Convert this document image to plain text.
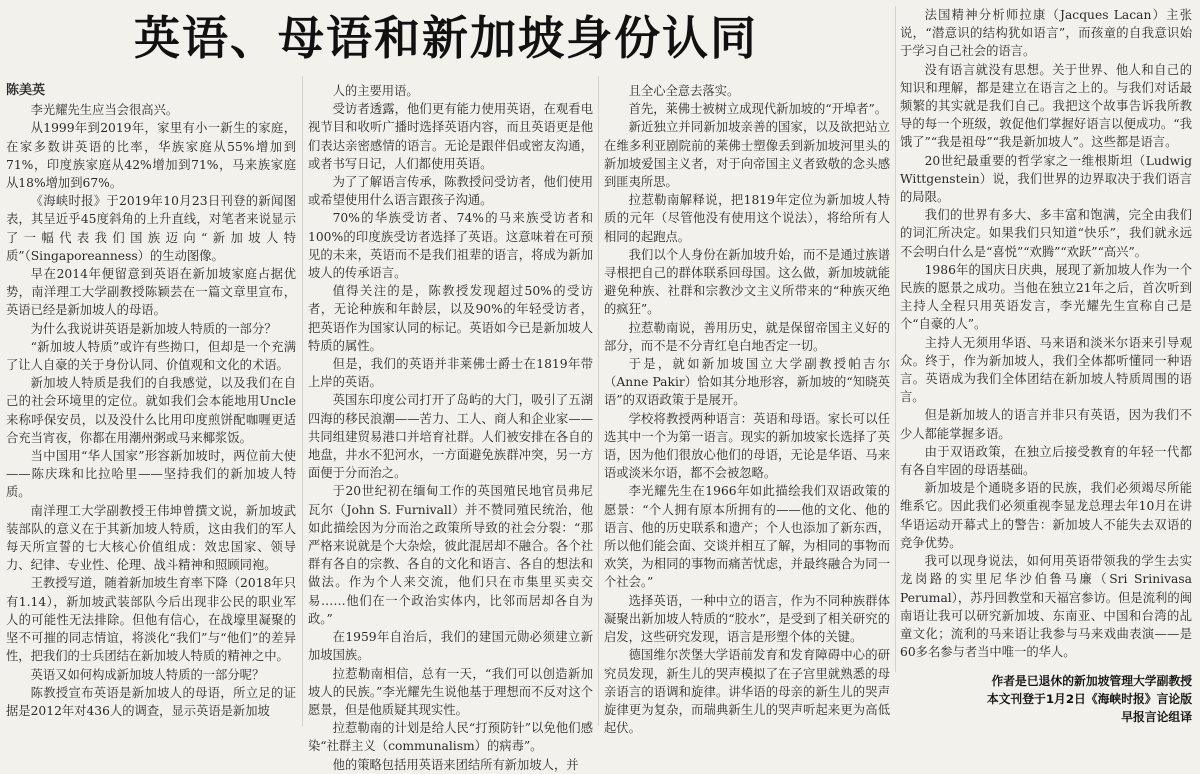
英语、母语和新加坡身份认同
陈美英

李光耀先生应当会很高兴。

从1999年到2019年，家里有小一新生的家庭，在家多数讲英语的比率，华族家庭从55%增加到71%，印度族家庭从42%增加到71%，马来族家庭从18%增加到67%。

《海峡时报》于2019年10月23日刊登的新闻图表，其呈近乎45度斜角的上升直线，对笔者来说显示了一幅代表我们国族迈向“新加坡人特质”（Singaporeanness）的生动图像。

早在2014年便留意到英语在新加坡家庭占据优势，南洋理工大学副教授陈颖芸在一篇文章里宣布，英语已经是新加坡人的母语。

为什么我说讲英语是新加坡人特质的一部分？

“新加坡人特质”或许有些拗口，但却是一个充满了让人自豪的关于身份认同、价值观和文化的术语。

新加坡人特质是我们的自我感觉，以及我们在自己的社会环境里的定位。就如我们会本能地用Uncle来称呼保安员，以及没什么比用印度煎饼配咖喱更适合充当宵夜，你都在用潮州粥或马来椰浆饭。

当中国用“华人国家”形容新加坡时，两位前大使——陈庆珠和比拉哈里——坚持我们的新加坡人特质。

南洋理工大学副教授王伟坤曾撰文说，新加坡武装部队的意义在于其新加坡人特质，这由我们的军人每天所宣誓的七大核心价值组成：效忠国家、领导力、纪律、专业性、伦理、战斗精神和照顾同袍。

王教授写道，随着新加坡生育率下降（2018年只有1.14），新加坡武装部队今后出现非公民的职业军人的可能性无法排除。但他有信心，在战壕里凝聚的坚不可摧的同志情谊，将淡化“我们”与“他们”的差异性，把我们的士兵团结在新加坡人特质的精神之中。

英语又如何构成新加坡人特质的一部分呢？

陈教授宣布英语是新加坡人的母语，所立足的证据是2012年对436人的调查，显示英语是新加坡

人的主要用语。

受访者透露，他们更有能力使用英语，在观看电视节目和收听广播时选择英语内容，而且英语更是他们表达亲密感情的语言。无论是跟伴侣或密友沟通，或者书写日记，人们都使用英语。

为了了解语言传承，陈教授问受访者，他们使用或希望使用什么语言跟孩子沟通。

70%的华族受访者、74%的马来族受访者和100%的印度族受访者选择了英语。这意味着在可预见的未来，英语而不是我们祖辈的语言，将成为新加坡人的传承语言。

值得关注的是，陈教授发现超过50%的受访者，无论种族和年龄层，以及90%的年轻受访者，把英语作为国家认同的标记。英语如今已是新加坡人特质的属性。

但是，我们的英语并非莱佛士爵士在1819年带上岸的英语。

英国东印度公司打开了岛屿的大门，吸引了五湖四海的移民浪潮——苦力、工人、商人和企业家——共同组建贸易港口并培育社群。人们被安排在各自的地盘，井水不犯河水，一方面避免族群冲突，另一方面便于分而治之。

于20世纪初在缅甸工作的英国殖民地官员弗尼瓦尔（John S. Furnivall）并不赞同殖民统治，他如此描绘因为分而治之政策所导致的社会分裂：“那严格来说就是个大杂烩，彼此混居却不融合。各个社群有各自的宗教、各自的文化和语言、各自的想法和做法。作为个人来交流，他们只在市集里买卖交易……他们在一个政治实体内，比邻而居却各自为政。”

在1959年自治后，我们的建国元勋必须建立新加坡国族。

拉惹勒南相信，总有一天，“我们可以创造新加坡人的民族。”李光耀先生说他基于理想而不反对这个愿景，但是他质疑其现实性。

拉惹勒南的计划是给人民“打预防针”以免他们感染“社群主义（communalism）的病毒”。

他的策略包括用英语来团结所有新加坡人，并

且全心全意去落实。

首先，莱佛士被树立成现代新加坡的“开埠者”。

新近独立并同新加坡亲善的国家，以及欲把站立在维多利亚剧院前的莱佛士塑像丢到新加坡河里头的新加坡爱国主义者，对于向帝国主义者致敬的念头感到匪夷所思。

拉惹勒南解释说，把1819年定位为新加坡人特质的元年（尽管他没有使用这个说法），将给所有人相同的起跑点。

我们以个人身份在新加坡升始，而不是通过族谱寻根把自己的群体联系回母国。这么做，新加坡就能避免种族、社群和宗教沙文主义所带来的“种族灭绝的疯狂”。

拉惹勒南说，善用历史，就是保留帝国主义好的部分，而不是不分青红皂白地否定一切。

于是，就如新加坡国立大学副教授帕吉尔（Anne Pakir）恰如其分地形容，新加坡的“知晓英语”的双语政策于是展开。

学校将教授两种语言：英语和母语。家长可以任选其中一个为第一语言。现实的新加坡家长选择了英语，因为他们很放心他们的母语，无论是华语、马来语或淡米尔语，都不会被忽略。

李光耀先生在1966年如此描绘我们双语政策的愿景：“个人拥有原本所拥有的——他的文化、他的语言、他的历史联系和遗产；个人也添加了新东西，所以他们能会面、交谈并相互了解，为相同的事物而欢笑，为相同的事物而痛苦忧虑，并最终融合为同一个社会。”

选择英语，一种中立的语言，作为不同种族群体凝聚出新加坡人特质的“胶水”，是受到了相关研究的启发，这些研究发现，语言是形塑个体的关键。

德国维尔茨堡大学语前发育和发育障碍中心的研究员发现，新生儿的哭声模拟了在子宫里就熟悉的母亲语言的语调和旋律。讲华语的母亲的新生儿的哭声旋律更为复杂，而瑞典新生儿的哭声听起来更为高低起伏。

法国精神分析师拉康（Jacques Lacan）主张说，“潜意识的结构犹如语言”，而孩童的自我意识始于学习自己社会的语言。

没有语言就没有思想。关于世界、他人和自己的知识和理解，都是建立在语言之上的。与我们对话最频繁的其实就是我们自己。我把这个故事告诉我所教导的每一个班级，敦促他们掌握好语言以便成功。“我饿了”“我是祖母”“我是新加坡人”。这些都是语言。

20世纪最重要的哲学家之一维根斯坦（Ludwig Wittgenstein）说，我们世界的边界取决于我们语言的局限。

我们的世界有多大、多丰富和饱满，完全由我们的词汇所决定。如果我们只知道“快乐”，我们就永远不会明白什么是“喜悦”“欢腾”“欢跃”“高兴”。

1986年的国庆日庆典，展现了新加坡人作为一个民族的愿景之成功。当他在独立21年之后，首次听到主持人全程只用英语发言，李光耀先生宣称自己是个“自豪的人”。

主持人无须用华语、马来语和淡米尔语来引导观众。终于，作为新加坡人，我们全体都听懂同一种语言。英语成为我们全体团结在新加坡人特质周围的语言。

但是新加坡人的语言并非只有英语，因为我们不少人都能掌握多语。

由于双语政策，在独立后接受教育的年轻一代都有各自牢固的母语基础。

新加坡是个通晓多语的民族，我们必须竭尽所能维系它。因此我们必须重视李显龙总理去年10月在讲华语运动开幕式上的警告：新加坡人不能失去双语的竞争优势。

我可以现身说法，如何用英语带领我的学生去实龙岗路的实里尼华沙伯鲁马廉（Sri Srinivasa Perumal），苏丹回教堂和天福宫参访。但是流利的闽南语让我可以研究新加坡、东南亚、中国和台湾的乩童文化；流利的马来语让我参与马来戏曲表演——是60多名参与者当中唯一的华人。

作者是已退休的新加坡管理大学副教授
本文刊登于1月2日《海峡时报》言论版
早报言论组译
